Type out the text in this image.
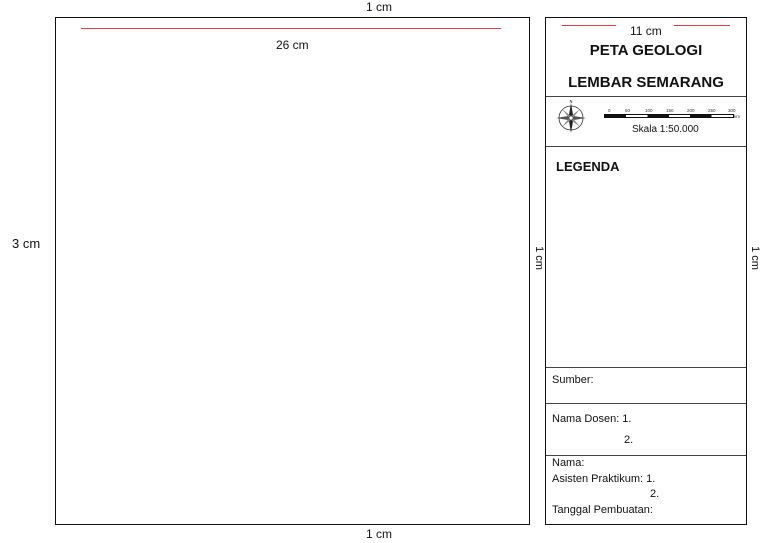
1 cm
3 cm
1 cm
1 cm	1 cm
26 cm
11 cm
PETA GEOLOGI
LEMBAR SEMARANG
N
0	50	100	150	200	250	300
km
Skala 1:50.000
LEGENDA
Sumber:
Nama Dosen: 1.
2.
Nama:
Asisten Praktikum: 1.
2.
Tanggal Pembuatan:
